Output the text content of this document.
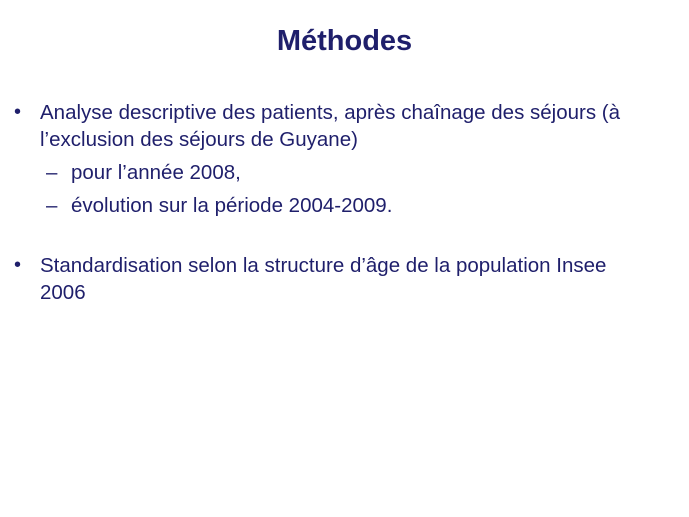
Méthodes
• Analyse descriptive des patients, après chaînage des séjours (à l’exclusion des séjours de Guyane)
– pour l’année 2008,
– évolution sur la période 2004-2009.
• Standardisation selon la structure d’âge de la population Insee 2006
